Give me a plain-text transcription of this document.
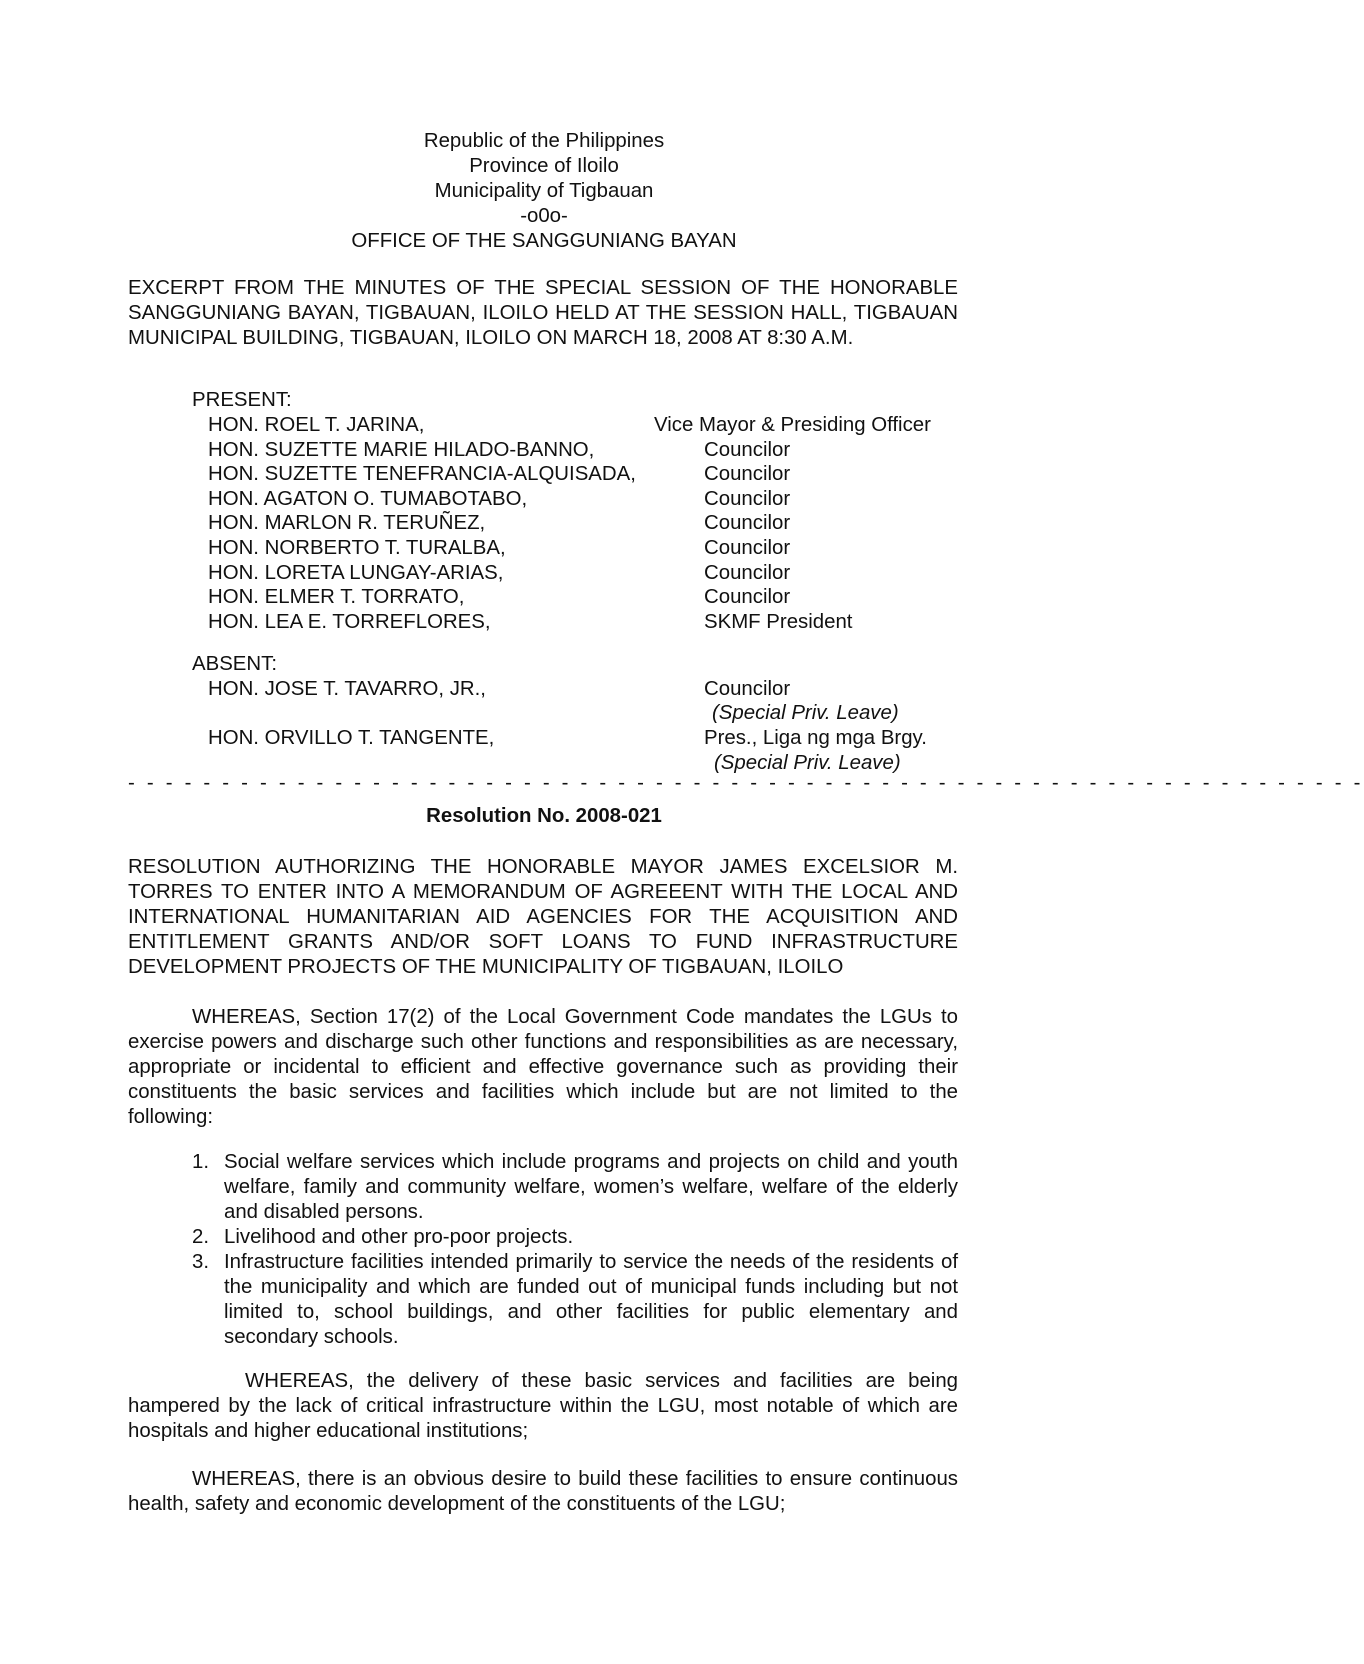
Republic of the Philippines
Province of Iloilo
Municipality of Tigbauan
-o0o-
OFFICE OF THE SANGGUNIANG BAYAN
EXCERPT FROM THE MINUTES OF THE SPECIAL SESSION OF THE HONORABLE SANGGUNIANG BAYAN, TIGBAUAN, ILOILO HELD AT THE SESSION HALL, TIGBAUAN MUNICIPAL BUILDING, TIGBAUAN, ILOILO ON MARCH 18, 2008 AT 8:30 A.M.
PRESENT:
HON. ROEL T. JARINA,	Vice Mayor & Presiding Officer
HON. SUZETTE MARIE HILADO-BANNO,	Councilor
HON. SUZETTE TENEFRANCIA-ALQUISADA,	Councilor
HON. AGATON O. TUMABOTABO,	Councilor
HON. MARLON R. TERUÑEZ,	Councilor
HON. NORBERTO T. TURALBA,	Councilor
HON. LORETA LUNGAY-ARIAS,	Councilor
HON. ELMER T. TORRATO,	Councilor
HON. LEA E. TORREFLORES,	SKMF President
ABSENT:
HON. JOSE T. TAVARRO, JR.,	Councilor
(Special Priv. Leave)
HON. ORVILLO T. TANGENTE,	Pres., Liga ng mga Brgy.
(Special Priv. Leave)
- - - - - - - - - - - - - - - - - - - - - - - - - - - - - - - - - - - - - - - - - - - - - - - - - - - - - - - - - - - - - - - - - -
Resolution No. 2008-021
RESOLUTION AUTHORIZING THE HONORABLE MAYOR JAMES EXCELSIOR M. TORRES TO ENTER INTO A MEMORANDUM OF AGREEENT WITH THE LOCAL AND INTERNATIONAL HUMANITARIAN AID AGENCIES FOR THE ACQUISITION AND ENTITLEMENT GRANTS AND/OR SOFT LOANS TO FUND INFRASTRUCTURE DEVELOPMENT PROJECTS OF THE MUNICIPALITY OF TIGBAUAN, ILOILO
WHEREAS, Section 17(2) of the Local Government Code mandates the LGUs to exercise powers and discharge such other functions and responsibilities as are necessary, appropriate or incidental to efficient and effective governance such as providing their constituents the basic services and facilities which include but are not limited to the following:
1. Social welfare services which include programs and projects on child and youth welfare, family and community welfare, women’s welfare, welfare of the elderly and disabled persons.
2. Livelihood and other pro-poor projects.
3. Infrastructure facilities intended primarily to service the needs of the residents of the municipality and which are funded out of municipal funds including but not limited to, school buildings, and other facilities for public elementary and secondary schools.
WHEREAS, the delivery of these basic services and facilities are being hampered by the lack of critical infrastructure within the LGU, most notable of which are hospitals and higher educational institutions;
WHEREAS, there is an obvious desire to build these facilities to ensure continuous health, safety and economic development of the constituents of the LGU;
